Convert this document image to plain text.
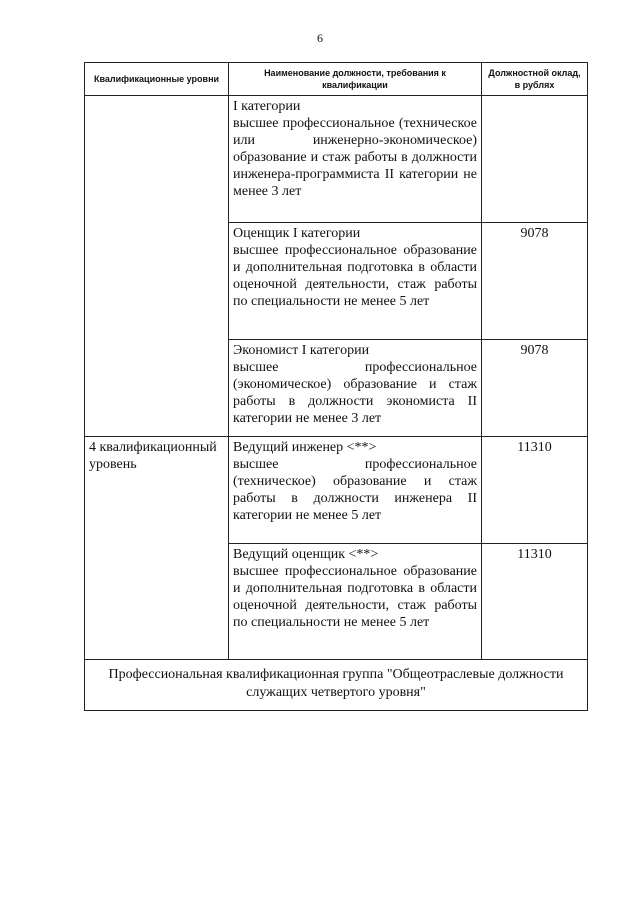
6
Квалификационные уровни	Наименование должности, требования к квалификации	Должностной оклад, в рублях

	I категории
высшее профессиональное (техническое или инженерно-экономическое) образование и стаж работы в должности инженера-программиста II категории не менее 3 лет	

	Оценщик I категории
высшее профессиональное образование и дополнительная подготовка в области оценочной деятельности, стаж работы по специальности не менее 5 лет	9078

	Экономист I категории
высшее профессиональное (экономическое) образование и стаж работы в должности экономиста II категории не менее 3 лет	9078
4 квалификационный уровень	Ведущий инженер <**>
высшее профессиональное (техническое) образование и стаж работы в должности инженера II категории не менее 5 лет	11310

	Ведущий оценщик <**>
высшее профессиональное образование и дополнительная подготовка в области оценочной деятельности, стаж работы по специальности не менее 5 лет	11310
Профессиональная квалификационная группа "Общеотраслевые должности служащих четвертого уровня"		
